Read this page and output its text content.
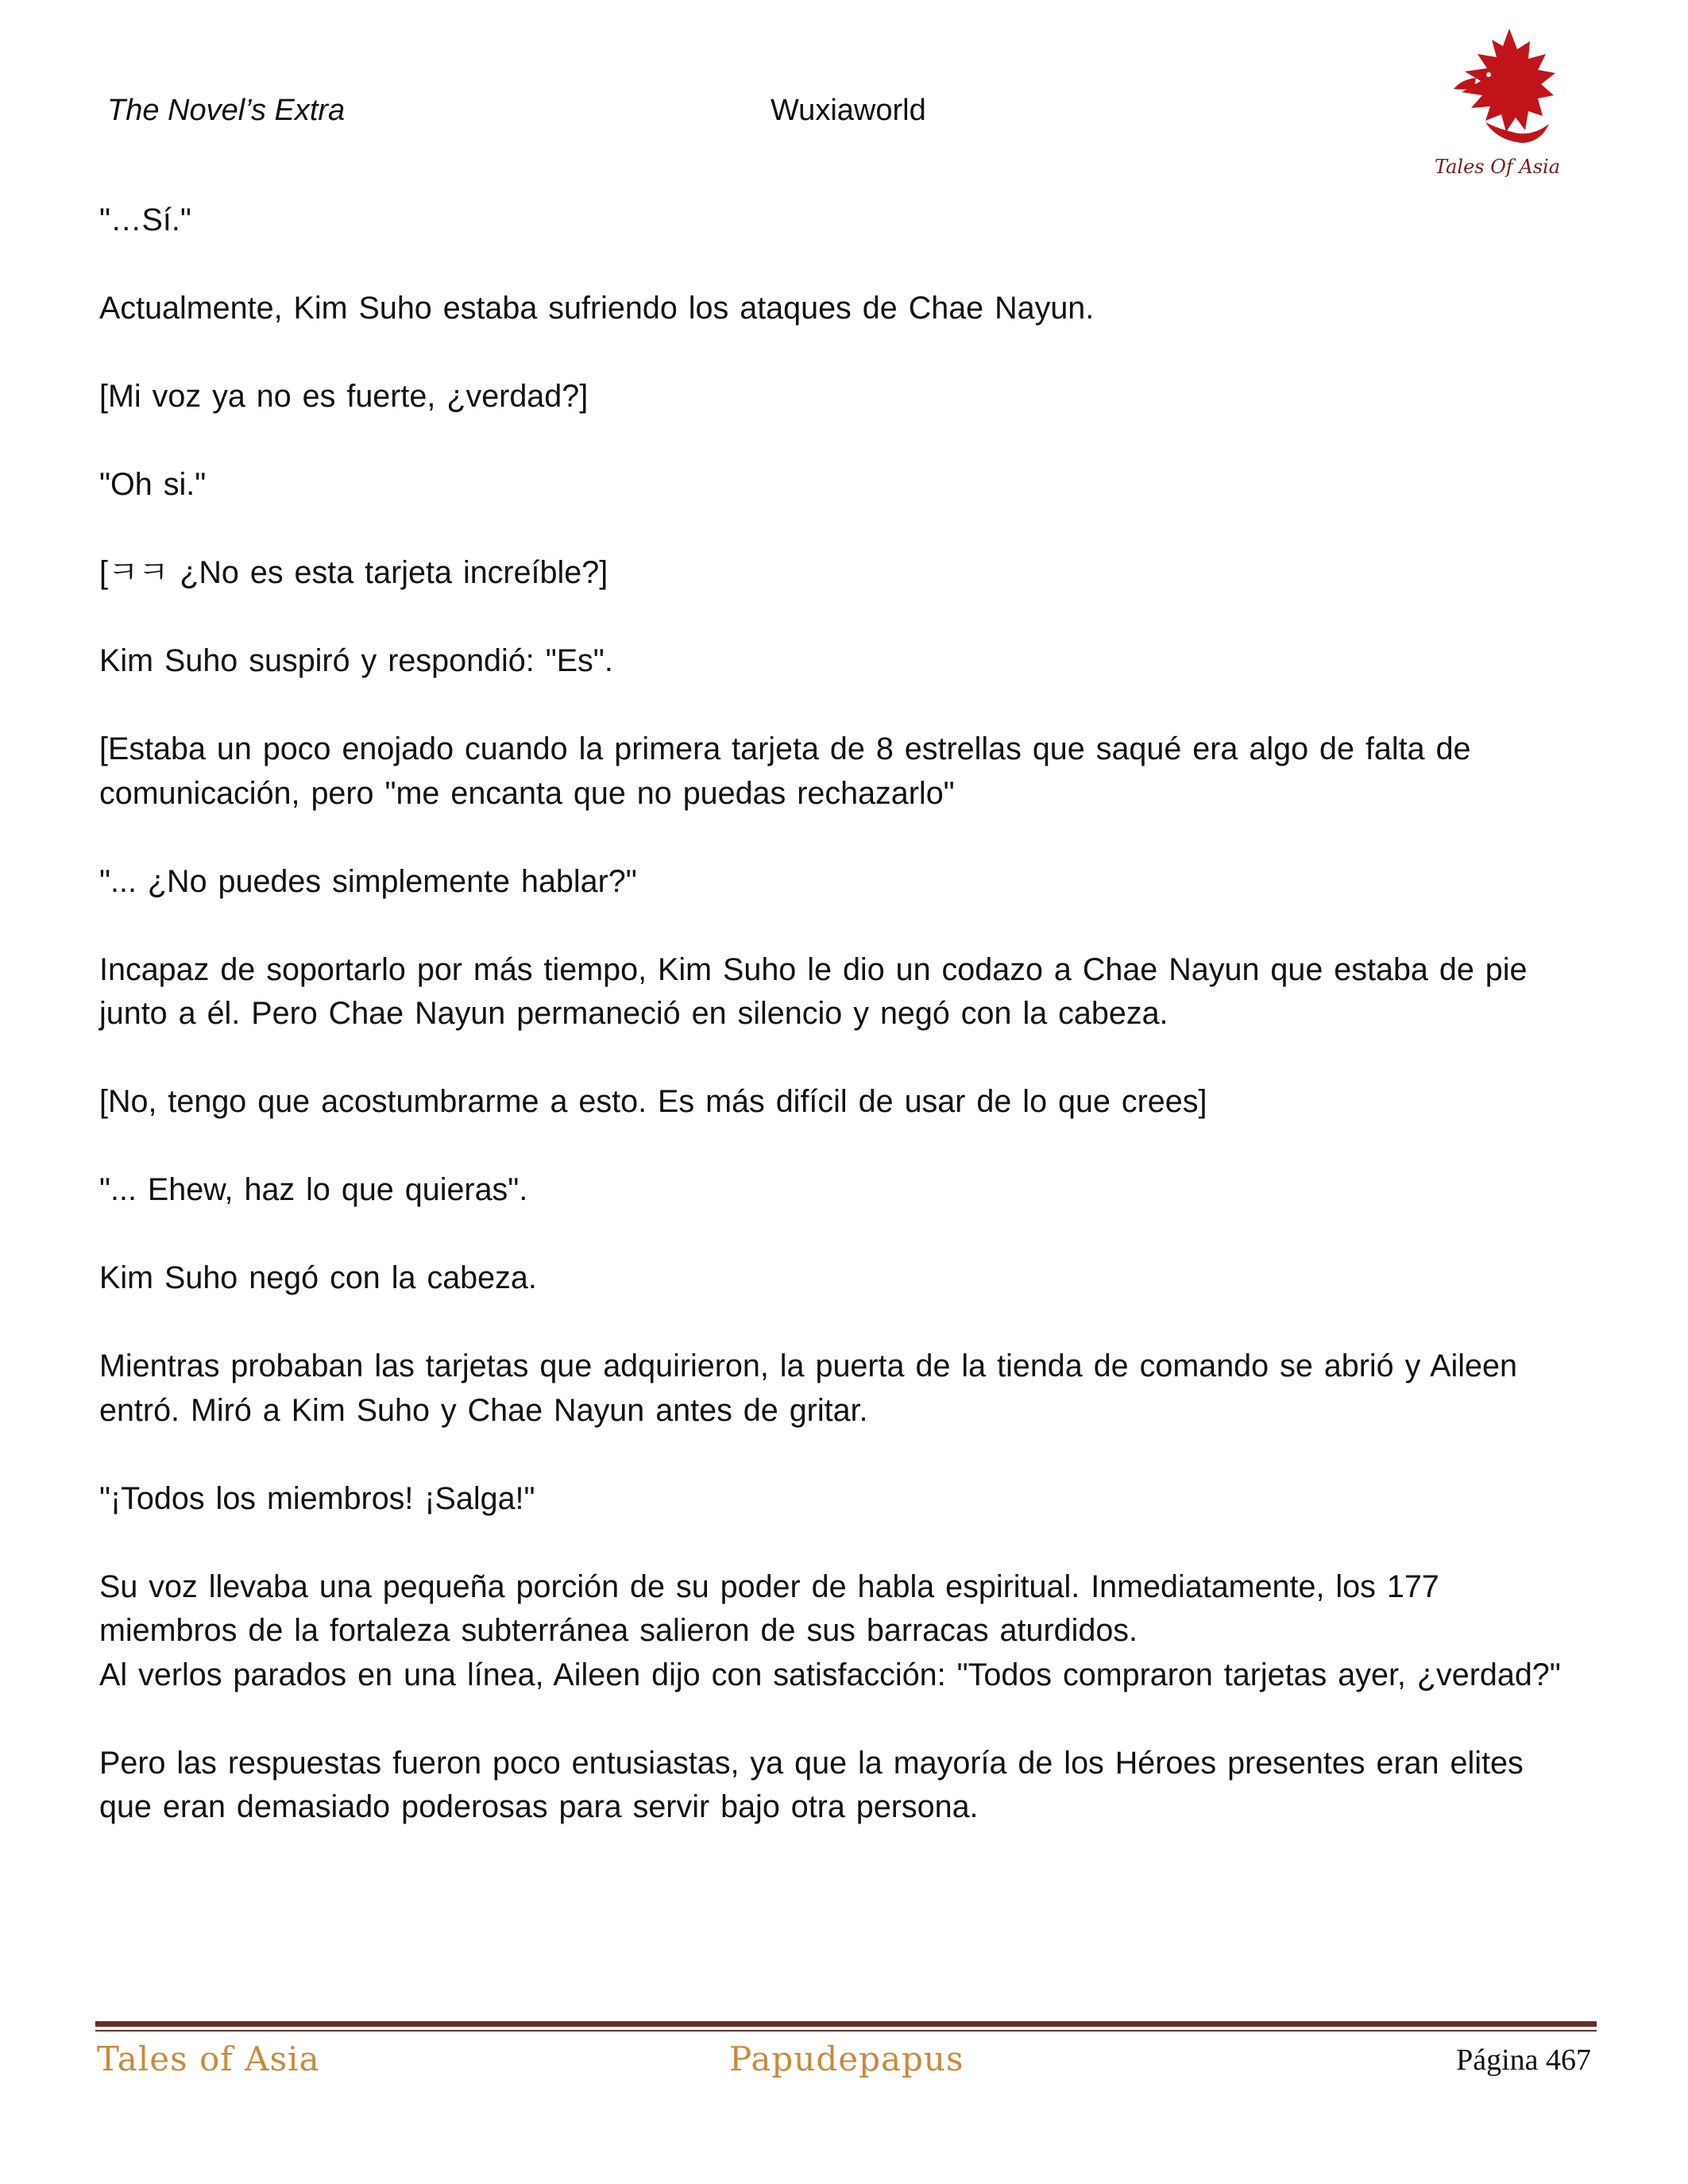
The Novel’s Extra	Wuxiaworld
Tales Of Asia

"…Sí."

Actualmente, Kim Suho estaba sufriendo los ataques de Chae Nayun.

[Mi voz ya no es fuerte, ¿verdad?]

"Oh si."

[ㅋㅋ ¿No es esta tarjeta increíble?]

Kim Suho suspiró y respondió: "Es".

[Estaba un poco enojado cuando la primera tarjeta de 8 estrellas que saqué era algo de falta de comunicación, pero "me encanta que no puedas rechazarlo"

"... ¿No puedes simplemente hablar?"

Incapaz de soportarlo por más tiempo, Kim Suho le dio un codazo a Chae Nayun que estaba de pie junto a él. Pero Chae Nayun permaneció en silencio y negó con la cabeza.

[No, tengo que acostumbrarme a esto. Es más difícil de usar de lo que crees]

"... Ehew, haz lo que quieras".

Kim Suho negó con la cabeza.

Mientras probaban las tarjetas que adquirieron, la puerta de la tienda de comando se abrió y Aileen entró. Miró a Kim Suho y Chae Nayun antes de gritar.

"¡Todos los miembros! ¡Salga!"

Su voz llevaba una pequeña porción de su poder de habla espiritual. Inmediatamente, los 177 miembros de la fortaleza subterránea salieron de sus barracas aturdidos.

Al verlos parados en una línea, Aileen dijo con satisfacción: "Todos compraron tarjetas ayer, ¿verdad?"

Pero las respuestas fueron poco entusiastas, ya que la mayoría de los Héroes presentes eran elites que eran demasiado poderosas para servir bajo otra persona.

Tales of Asia	Papudepapus	Página 467
